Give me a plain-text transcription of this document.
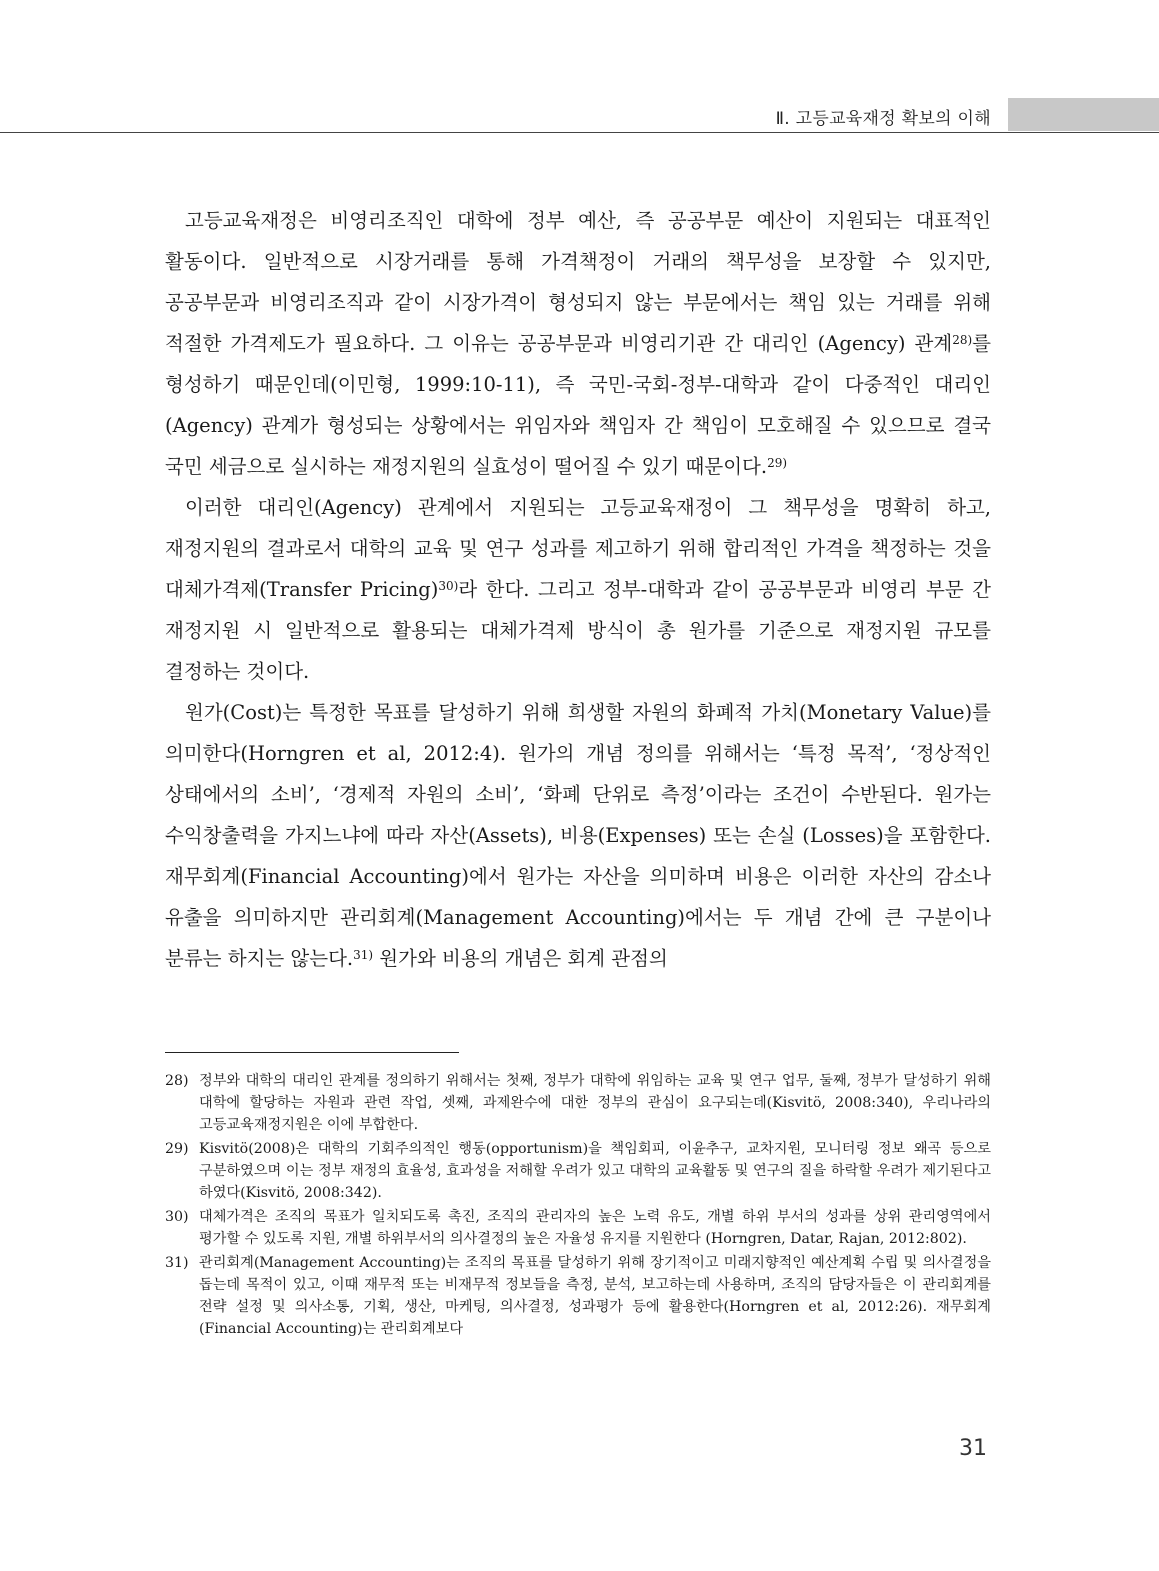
Ⅱ. 고등교육재정 확보의 이해

고등교육재정은 비영리조직인 대학에 정부 예산, 즉 공공부문 예산이 지원되는 대표적인 활동이다. 일반적으로 시장거래를 통해 가격책정이 거래의 책무성을 보장할 수 있지만, 공공부문과 비영리조직과 같이 시장가격이 형성되지 않는 부문에서는 책임 있는 거래를 위해 적절한 가격제도가 필요하다. 그 이유는 공공부문과 비영리기관 간 대리인 (Agency) 관계$^{28)}$를 형성하기 때문인데(이민형, 1999:10-11), 즉 국민-국회-정부-대학과 같이 다중적인 대리인(Agency) 관계가 형성되는 상황에서는 위임자와 책임자 간 책임이 모호해질 수 있으므로 결국 국민 세금으로 실시하는 재정지원의 실효성이 떨어질 수 있기 때문이다.$^{29)}$

이러한 대리인(Agency) 관계에서 지원되는 고등교육재정이 그 책무성을 명확히 하고, 재정지원의 결과로서 대학의 교육 및 연구 성과를 제고하기 위해 합리적인 가격을 책정하는 것을 대체가격제(Transfer Pricing)$^{30)}$라 한다. 그리고 정부-대학과 같이 공공부문과 비영리 부문 간 재정지원 시 일반적으로 활용되는 대체가격제 방식이 총 원가를 기준으로 재정지원 규모를 결정하는 것이다.

원가(Cost)는 특정한 목표를 달성하기 위해 희생할 자원의 화폐적 가치(Monetary Value)를 의미한다(Horngren et al, 2012:4). 원가의 개념 정의를 위해서는 ‘특정 목적’, ‘정상적인 상태에서의 소비’, ‘경제적 자원의 소비’, ‘화폐 단위로 측정’이라는 조건이 수반된다. 원가는 수익창출력을 가지느냐에 따라 자산(Assets), 비용(Expenses) 또는 손실 (Losses)을 포함한다. 재무회계(Financial Accounting)에서 원가는 자산을 의미하며 비용은 이러한 자산의 감소나 유출을 의미하지만 관리회계(Management Accounting)에서는 두 개념 간에 큰 구분이나 분류는 하지는 않는다.$^{31)}$ 원가와 비용의 개념은 회계 관점의

28) 정부와 대학의 대리인 관계를 정의하기 위해서는 첫째, 정부가 대학에 위임하는 교육 및 연구 업무, 둘째, 정부가 달성하기 위해 대학에 할당하는 자원과 관련 작업, 셋째, 과제완수에 대한 정부의 관심이 요구되는데(Kisvitö, 2008:340), 우리나라의 고등교육재정지원은 이에 부합한다.
29) Kisvitö(2008)은 대학의 기회주의적인 행동(opportunism)을 책임회피, 이윤추구, 교차지원, 모니터링 정보 왜곡 등으로 구분하였으며 이는 정부 재정의 효율성, 효과성을 저해할 우려가 있고 대학의 교육활동 및 연구의 질을 하락할 우려가 제기된다고 하였다(Kisvitö, 2008:342).
30) 대체가격은 조직의 목표가 일치되도록 촉진, 조직의 관리자의 높은 노력 유도, 개별 하위 부서의 성과를 상위 관리영역에서 평가할 수 있도록 지원, 개별 하위부서의 의사결정의 높은 자율성 유지를 지원한다 (Horngren, Datar, Rajan, 2012:802).
31) 관리회계(Management Accounting)는 조직의 목표를 달성하기 위해 장기적이고 미래지향적인 예산계획 수립 및 의사결정을 돕는데 목적이 있고, 이때 재무적 또는 비재무적 정보들을 측정, 분석, 보고하는데 사용하며, 조직의 담당자들은 이 관리회계를 전략 설정 및 의사소통, 기획, 생산, 마케팅, 의사결정, 성과평가 등에 활용한다(Horngren et al, 2012:26). 재무회계(Financial Accounting)는 관리회계보다
31
